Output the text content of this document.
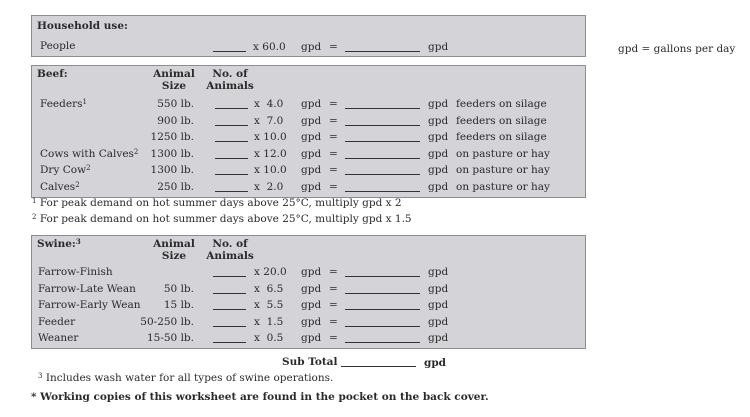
gpd = gallons per day
Household use:
People	x 60.0 gpd =	gpd
Beef:	Animal
Size
No. of
Animals
Feeders$^1$	550 lb.	x  4.0 gpd =	gpd feeders on silage
900 lb.	x  7.0 gpd =	gpd feeders on silage
1250 lb.	x 10.0 gpd =	gpd feeders on silage
Cows with Calves$^2$	1300 lb.	x 12.0 gpd =	gpd on pasture or hay
Dry Cow$^2$	1300 lb.	x 10.0 gpd =	gpd on pasture or hay
Calves$^2$	250 lb.	x  2.0 gpd =	gpd on pasture or hay
$^1$ For peak demand on hot summer days above 25°C, multiply gpd x 2
$^2$ For peak demand on hot summer days above 25°C, multiply gpd x 1.5
Swine:$^3$	Animal
Size
No. of
Animals
Farrow-Finish	x 20.0 gpd =	gpd
Farrow-Late Wean	50 lb.	x  6.5 gpd =	gpd
Farrow-Early Wean	15 lb.	x  5.5 gpd =	gpd
Feeder	50-250 lb.	x  1.5 gpd =	gpd
Weaner	15-50 lb.	x  0.5 gpd =	gpd
Sub Total	gpd
$^3$ Includes wash water for all types of swine operations.
* Working copies of this worksheet are found in the pocket on the back cover.
